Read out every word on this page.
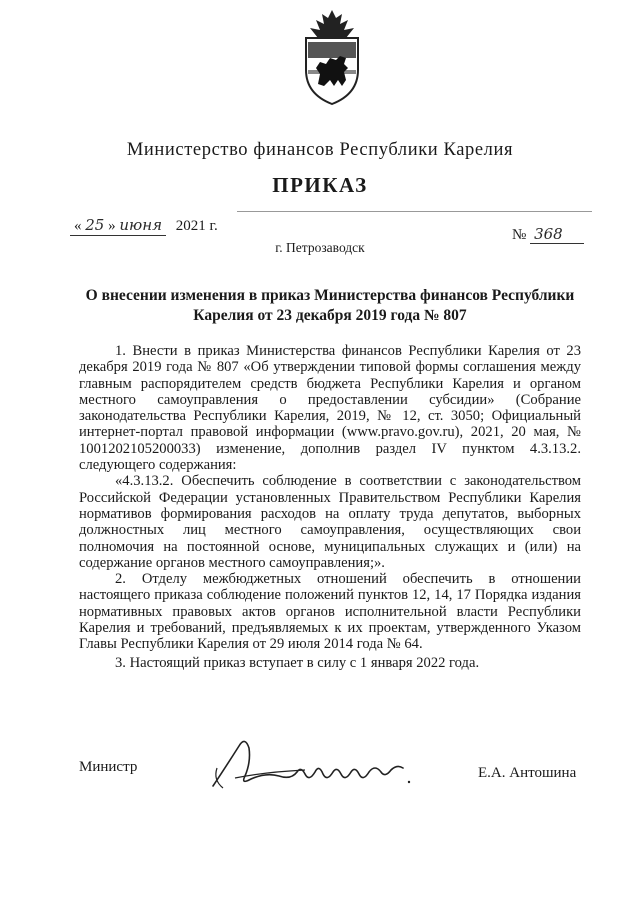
Министерство финансов Республики Карелия
ПРИКАЗ
« 25 » июня 2021 г.
№ 368
г. Петрозаводск
О внесении изменения в приказ Министерства финансов Республики Карелия от 23 декабря 2019 года № 807

1. Внести в приказ Министерства финансов Республики Карелия от 23 декабря 2019 года № 807 «Об утверждении типовой формы соглашения между главным распорядителем средств бюджета Республики Карелия и органом местного самоуправления о предоставлении субсидии» (Собрание законодательства Республики Карелия, 2019, № 12, ст. 3050; Официальный интернет-портал правовой информации (www.pravo.gov.ru), 2021, 20 мая, № 1001202105200033) изменение, дополнив раздел IV пунктом 4.3.13.2. следующего содержания:

«4.3.13.2. Обеспечить соблюдение в соответствии с законодательством Российской Федерации установленных Правительством Республики Карелия нормативов формирования расходов на оплату труда депутатов, выборных должностных лиц местного самоуправления, осуществляющих свои полномочия на постоянной основе, муниципальных служащих и (или) на содержание органов местного самоуправления;».

2. Отделу межбюджетных отношений обеспечить в отношении настоящего приказа соблюдение положений пунктов 12, 14, 17 Порядка издания нормативных правовых актов органов исполнительной власти Республики Карелия и требований, предъявляемых к их проектам, утвержденного Указом Главы Республики Карелия от 29 июля 2014 года № 64.

3. Настоящий приказ вступает в силу с 1 января 2022 года.

Министр	Е.А. Антошина
